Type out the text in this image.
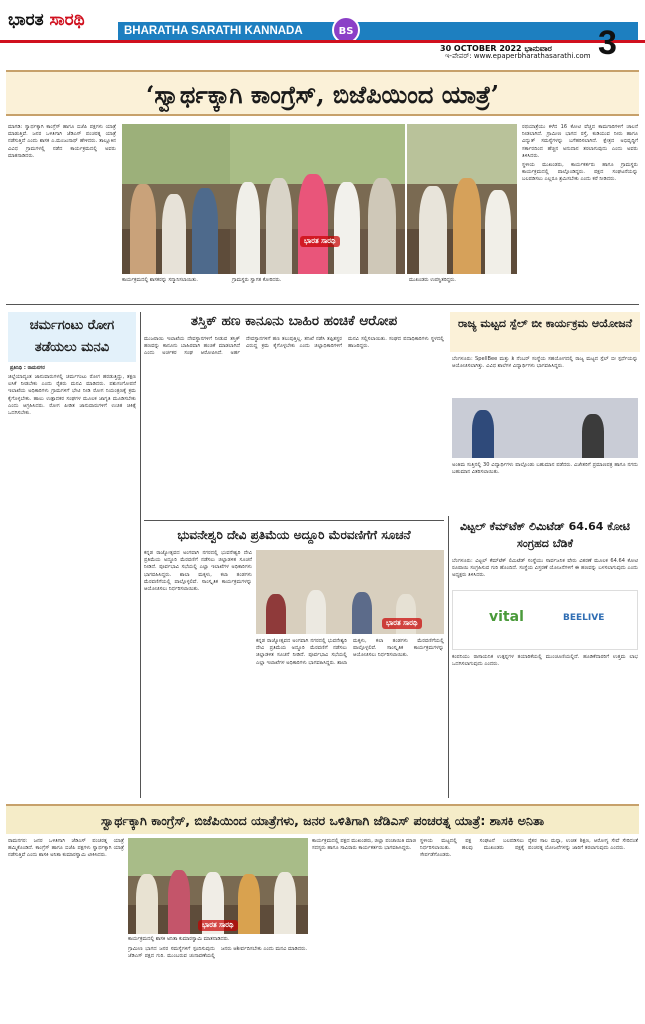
ಭಾರತ ಸಾರಥಿ
BHARATHA SARATHI KANNADA DAILY
BS
30 OCTOBER 2022 ಭಾನುವಾರ
ಇ-ಪೇಪರ್: www.epaperbharathasarathi.com 3
‘ಸ್ವಾರ್ಥಕ್ಕಾಗಿ ಕಾಂಗ್ರೆಸ್, ಬಿಜೆಪಿಯಿಂದ ಯಾತ್ರೆ’

ಮಾಗಡಿ: ಸ್ವಾರ್ಥಕ್ಕಾಗಿ ಕಾಂಗ್ರೆಸ್ ಹಾಗೂ ಬಿಜೆಪಿ ಪಕ್ಷಗಳು ಯಾತ್ರೆ ಮಾಡುತ್ತಿವೆ. ಜನರ ಒಳಿತಿಗಾಗಿ ಜೆಡಿಎಸ್ ಪಂಚರತ್ನ ಯಾತ್ರೆ ನಡೆಸುತ್ತಿದೆ ಎಂದು ಶಾಸಕ ಎ.ಮಂಜುನಾಥ್ ಹೇಳಿದರು. ತಾಲ್ಲೂಕಿನ ವಿವಿಧ ಗ್ರಾಮಗಳಲ್ಲಿ ನಡೆದ ಕಾರ್ಯಕ್ರಮದಲ್ಲಿ ಅವರು ಮಾತನಾಡಿದರು.

ಭಾರತ ಸಾರಥಿ

ರಥಯಾತ್ರೆಯು ಕಳೆದ 16 ಕೋಟಿ ವೆಚ್ಚದ ಕಾಮಗಾರಿಗಳಿಗೆ ಚಾಲನೆ ನೀಡಲಾಗಿದೆ. ಗ್ರಾಮೀಣ ಭಾಗದ ರಸ್ತೆ, ಕುಡಿಯುವ ನೀರು ಹಾಗೂ ವಿದ್ಯುತ್ ಸಮಸ್ಯೆಗಳನ್ನು ಬಗೆಹರಿಸಲಾಗಿದೆ. ಕ್ಷೇತ್ರದ ಅಭಿವೃದ್ಧಿಗೆ ಸರ್ಕಾರದಿಂದ ಹೆಚ್ಚಿನ ಅನುದಾನ ತರಲಾಗುವುದು ಎಂದು ಅವರು ತಿಳಿಸಿದರು.

ಸ್ಥಳೀಯ ಮುಖಂಡರು, ಕಾರ್ಯಕರ್ತರು ಹಾಗೂ ಗ್ರಾಮಸ್ಥರು ಕಾರ್ಯಕ್ರಮದಲ್ಲಿ ಪಾಲ್ಗೊಂಡಿದ್ದರು. ಪಕ್ಷದ ಸಂಘಟನೆಯನ್ನು ಬಲಪಡಿಸಲು ಎಲ್ಲರೂ ಶ್ರಮಿಸಬೇಕು ಎಂದು ಕರೆ ನೀಡಿದರು.

ಕಾರ್ಯಕ್ರಮದಲ್ಲಿ ಶಾಸಕರನ್ನು ಸನ್ಮಾನಿಸಲಾಯಿತು.	ಗ್ರಾಮಸ್ಥರು ಸ್ವಾಗತ ಕೋರಿದರು.	ಮುಖಂಡರು ಉಪಸ್ಥಿತರಿದ್ದರು.
ಚರ್ಮಗಂಟು ರೋಗ ತಡೆಯಲು ಮನವಿ
ಪ್ರತಿನಿಧಿ : ರಾಮನಗರ

ಜಿಲ್ಲೆಯಾದ್ಯಂತ ಜಾನುವಾರುಗಳಲ್ಲಿ ಚರ್ಮಗಂಟು ರೋಗ ಹರಡುತ್ತಿದ್ದು, ತಕ್ಷಣ ಲಸಿಕೆ ನೀಡಬೇಕು ಎಂದು ರೈತರು ಮನವಿ ಮಾಡಿದರು. ಪಶುಸಂಗೋಪನೆ ಇಲಾಖೆಯ ಅಧಿಕಾರಿಗಳು ಗ್ರಾಮಗಳಿಗೆ ಭೇಟಿ ನೀಡಿ ರೋಗ ನಿಯಂತ್ರಣಕ್ಕೆ ಕ್ರಮ ಕೈಗೊಳ್ಳಬೇಕು. ಹಾಲು ಉತ್ಪಾದಕರ ಸಂಘಗಳ ಮೂಲಕ ಜಾಗೃತಿ ಮೂಡಿಸಬೇಕು ಎಂದು ಆಗ್ರಹಿಸಿದರು. ರೋಗ ಪೀಡಿತ ಜಾನುವಾರುಗಳಿಗೆ ಉಚಿತ ಚಿಕಿತ್ಸೆ ಒದಗಿಸಬೇಕು.

ತಸ್ತಿಕ್ ಹಣ ಕಾನೂನು ಬಾಹಿರ ಹಂಚಿಕೆ ಆರೋಪ

ಮುಜರಾಯಿ ಇಲಾಖೆಯ ದೇವಸ್ಥಾನಗಳಿಗೆ ನೀಡುವ ತಸ್ತಿಕ್ ಹಣವನ್ನು ಕಾನೂನು ಬಾಹಿರವಾಗಿ ಹಂಚಿಕೆ ಮಾಡಲಾಗಿದೆ ಎಂದು ಅರ್ಚಕರ ಸಂಘ ಆರೋಪಿಸಿದೆ. ಅರ್ಹ ದೇವಸ್ಥಾನಗಳಿಗೆ ಹಣ ತಲುಪುತ್ತಿಲ್ಲ. ತನಿಖೆ ನಡೆಸಿ ತಪ್ಪಿತಸ್ಥರ ವಿರುದ್ಧ ಕ್ರಮ ಕೈಗೊಳ್ಳಬೇಕು ಎಂದು ಜಿಲ್ಲಾಧಿಕಾರಿಗಳಿಗೆ ಮನವಿ ಸಲ್ಲಿಸಲಾಯಿತು. ಸಂಘದ ಪದಾಧಿಕಾರಿಗಳು ಸ್ಥಳದಲ್ಲಿ ಹಾಜರಿದ್ದರು.

ರಾಜ್ಯ ಮಟ್ಟದ ಸ್ಪೆಲ್ ಬೀ ಕಾರ್ಯಕ್ರಮ ಆಯೋಜನೆ

ಬೆಂಗಳೂರು: SpellBee ಮತ್ತು ಶಿ ನೆಂಬರ್ ಸಂಸ್ಥೆಯ ಸಹಯೋಗದಲ್ಲಿ ರಾಜ್ಯ ಮಟ್ಟದ ಸ್ಪೆಲ್ ಬೀ ಸ್ಪರ್ಧೆಯನ್ನು ಆಯೋಜಿಸಲಾಗಿತ್ತು. ವಿವಿಧ ಶಾಲೆಗಳ ವಿದ್ಯಾರ್ಥಿಗಳು ಭಾಗವಹಿಸಿದ್ದರು.

ಅಂತಿಮ ಸುತ್ತಿನಲ್ಲಿ 30 ವಿದ್ಯಾರ್ಥಿಗಳು ಪಾಲ್ಗೊಂಡು ಬಹುಮಾನ ಪಡೆದರು. ವಿಜೇತರಿಗೆ ಪ್ರಮಾಣಪತ್ರ ಹಾಗೂ ನಗದು ಬಹುಮಾನ ವಿತರಿಸಲಾಯಿತು.

ಭುವನೇಶ್ವರಿ ದೇವಿ ಪ್ರತಿಮೆಯ ಅದ್ದೂರಿ ಮೆರವಣಿಗೆಗೆ ಸೂಚನೆ

ಕನ್ನಡ ರಾಜ್ಯೋತ್ಸವದ ಅಂಗವಾಗಿ ನಗರದಲ್ಲಿ ಭುವನೇಶ್ವರಿ ದೇವಿ ಪ್ರತಿಮೆಯ ಅದ್ದೂರಿ ಮೆರವಣಿಗೆ ನಡೆಸಲು ಜಿಲ್ಲಾಡಳಿತ ಸೂಚನೆ ನೀಡಿದೆ. ಪೂರ್ವಭಾವಿ ಸಭೆಯಲ್ಲಿ ಎಲ್ಲಾ ಇಲಾಖೆಗಳ ಅಧಿಕಾರಿಗಳು ಭಾಗವಹಿಸಿದ್ದರು. ಶಾಲಾ ಮಕ್ಕಳು, ಕಲಾ ತಂಡಗಳು ಮೆರವಣಿಗೆಯಲ್ಲಿ ಪಾಲ್ಗೊಳ್ಳಲಿವೆ. ಸಾಂಸ್ಕೃತಿಕ ಕಾರ್ಯಕ್ರಮಗಳನ್ನು ಆಯೋಜಿಸಲು ನಿರ್ಧರಿಸಲಾಯಿತು.

ಭಾರತ ಸಾರಥಿ

ಕನ್ನಡ ರಾಜ್ಯೋತ್ಸವದ ಅಂಗವಾಗಿ ನಗರದಲ್ಲಿ ಭುವನೇಶ್ವರಿ ದೇವಿ ಪ್ರತಿಮೆಯ ಅದ್ದೂರಿ ಮೆರವಣಿಗೆ ನಡೆಸಲು ಜಿಲ್ಲಾಡಳಿತ ಸೂಚನೆ ನೀಡಿದೆ. ಪೂರ್ವಭಾವಿ ಸಭೆಯಲ್ಲಿ ಎಲ್ಲಾ ಇಲಾಖೆಗಳ ಅಧಿಕಾರಿಗಳು ಭಾಗವಹಿಸಿದ್ದರು. ಶಾಲಾ ಮಕ್ಕಳು, ಕಲಾ ತಂಡಗಳು ಮೆರವಣಿಗೆಯಲ್ಲಿ ಪಾಲ್ಗೊಳ್ಳಲಿವೆ. ಸಾಂಸ್ಕೃತಿಕ ಕಾರ್ಯಕ್ರಮಗಳನ್ನು ಆಯೋಜಿಸಲು ನಿರ್ಧರಿಸಲಾಯಿತು.

ವಿಟ್ಟಲ್ ಕೆಮ್‌ಟೆಕ್ ಲಿಮಿಟೆಡ್ 64.64 ಕೋಟಿ ಸಂಗ್ರಹದ ಬೆಡಿಕೆ

ಬೆಂಗಳೂರು: ವಿಟ್ಟಲ್ ಕೆಮ್‌ಟೆಕ್ ಲಿಮಿಟೆಡ್ ಸಂಸ್ಥೆಯು ಸಾರ್ವಜನಿಕ ಷೇರು ವಿತರಣೆ ಮೂಲಕ 64.64 ಕೋಟಿ ರೂಪಾಯಿ ಸಂಗ್ರಹಿಸುವ ಗುರಿ ಹೊಂದಿದೆ. ಸಂಸ್ಥೆಯ ವಿಸ್ತರಣೆ ಯೋಜನೆಗಳಿಗೆ ಈ ಹಣವನ್ನು ಬಳಸಲಾಗುವುದು ಎಂದು ಅಧ್ಯಕ್ಷರು ತಿಳಿಸಿದರು.

vital	BEELIVE

ಕಂಪನಿಯು ರಾಸಾಯನಿಕ ಉತ್ಪನ್ನಗಳ ತಯಾರಿಕೆಯಲ್ಲಿ ಮುಂಚೂಣಿಯಲ್ಲಿದೆ. ಹೂಡಿಕೆದಾರರಿಗೆ ಉತ್ತಮ ಲಾಭ ಒದಗಿಸಲಾಗುವುದು ಎಂದರು.

ಸ್ವಾರ್ಥಕ್ಕಾಗಿ ಕಾಂಗ್ರೆಸ್, ಬಿಜೆಪಿಯಿಂದ ಯಾತ್ರೆಗಳು, ಜನರ ಒಳಿತಿಗಾಗಿ ಜೆಡಿಎಸ್ ಪಂಚರತ್ನ ಯಾತ್ರೆ: ಶಾಸಕಿ ಅನಿತಾ

ರಾಮನಗರ: ಜನರ ಒಳಿತಿಗಾಗಿ ಜೆಡಿಎಸ್ ಪಂಚರತ್ನ ಯಾತ್ರೆ ಹಮ್ಮಿಕೊಂಡಿದೆ. ಕಾಂಗ್ರೆಸ್ ಹಾಗೂ ಬಿಜೆಪಿ ಪಕ್ಷಗಳು ಸ್ವಾರ್ಥಕ್ಕಾಗಿ ಯಾತ್ರೆ ನಡೆಸುತ್ತಿವೆ ಎಂದು ಶಾಸಕಿ ಅನಿತಾ ಕುಮಾರಸ್ವಾಮಿ ಟೀಕಿಸಿದರು.

ಭಾರತ ಸಾರಥಿ
ಕಾರ್ಯಕ್ರಮದಲ್ಲಿ ಶಾಸಕಿ ಅನಿತಾ ಕುಮಾರಸ್ವಾಮಿ ಮಾತನಾಡಿದರು.

ಗ್ರಾಮೀಣ ಭಾಗದ ಜನರ ಸಮಸ್ಯೆಗಳಿಗೆ ಸ್ಪಂದಿಸುವುದು ಜೆಡಿಎಸ್ ಪಕ್ಷದ ಗುರಿ. ಮುಂಬರುವ ಚುನಾವಣೆಯಲ್ಲಿ ಜನರು ಆಶೀರ್ವದಿಸಬೇಕು ಎಂದು ಮನವಿ ಮಾಡಿದರು.

ಕಾರ್ಯಕ್ರಮದಲ್ಲಿ ಪಕ್ಷದ ಮುಖಂಡರು, ಜಿಲ್ಲಾ ಪಂಚಾಯಿತಿ ಮಾಜಿ ಸದಸ್ಯರು ಹಾಗೂ ಸಾವಿರಾರು ಕಾರ್ಯಕರ್ತರು ಭಾಗವಹಿಸಿದ್ದರು.

ಸ್ಥಳೀಯ ಮಟ್ಟದಲ್ಲಿ ಪಕ್ಷ ಸಂಘಟನೆ ಬಲಪಡಿಸಲು ನಿರ್ಧರಿಸಲಾಯಿತು. ಹಲವು ಮುಖಂಡರು ಪಕ್ಷಕ್ಕೆ ಸೇರ್ಪಡೆಗೊಂಡರು.

ರೈತರ ಸಾಲ ಮನ್ನಾ, ಉಚಿತ ಶಿಕ್ಷಣ, ಆರೋಗ್ಯ ಸೇವೆ ಸೇರಿದಂತೆ ಪಂಚರತ್ನ ಯೋಜನೆಗಳನ್ನು ಜಾರಿಗೆ ತರಲಾಗುವುದು ಎಂದರು.
